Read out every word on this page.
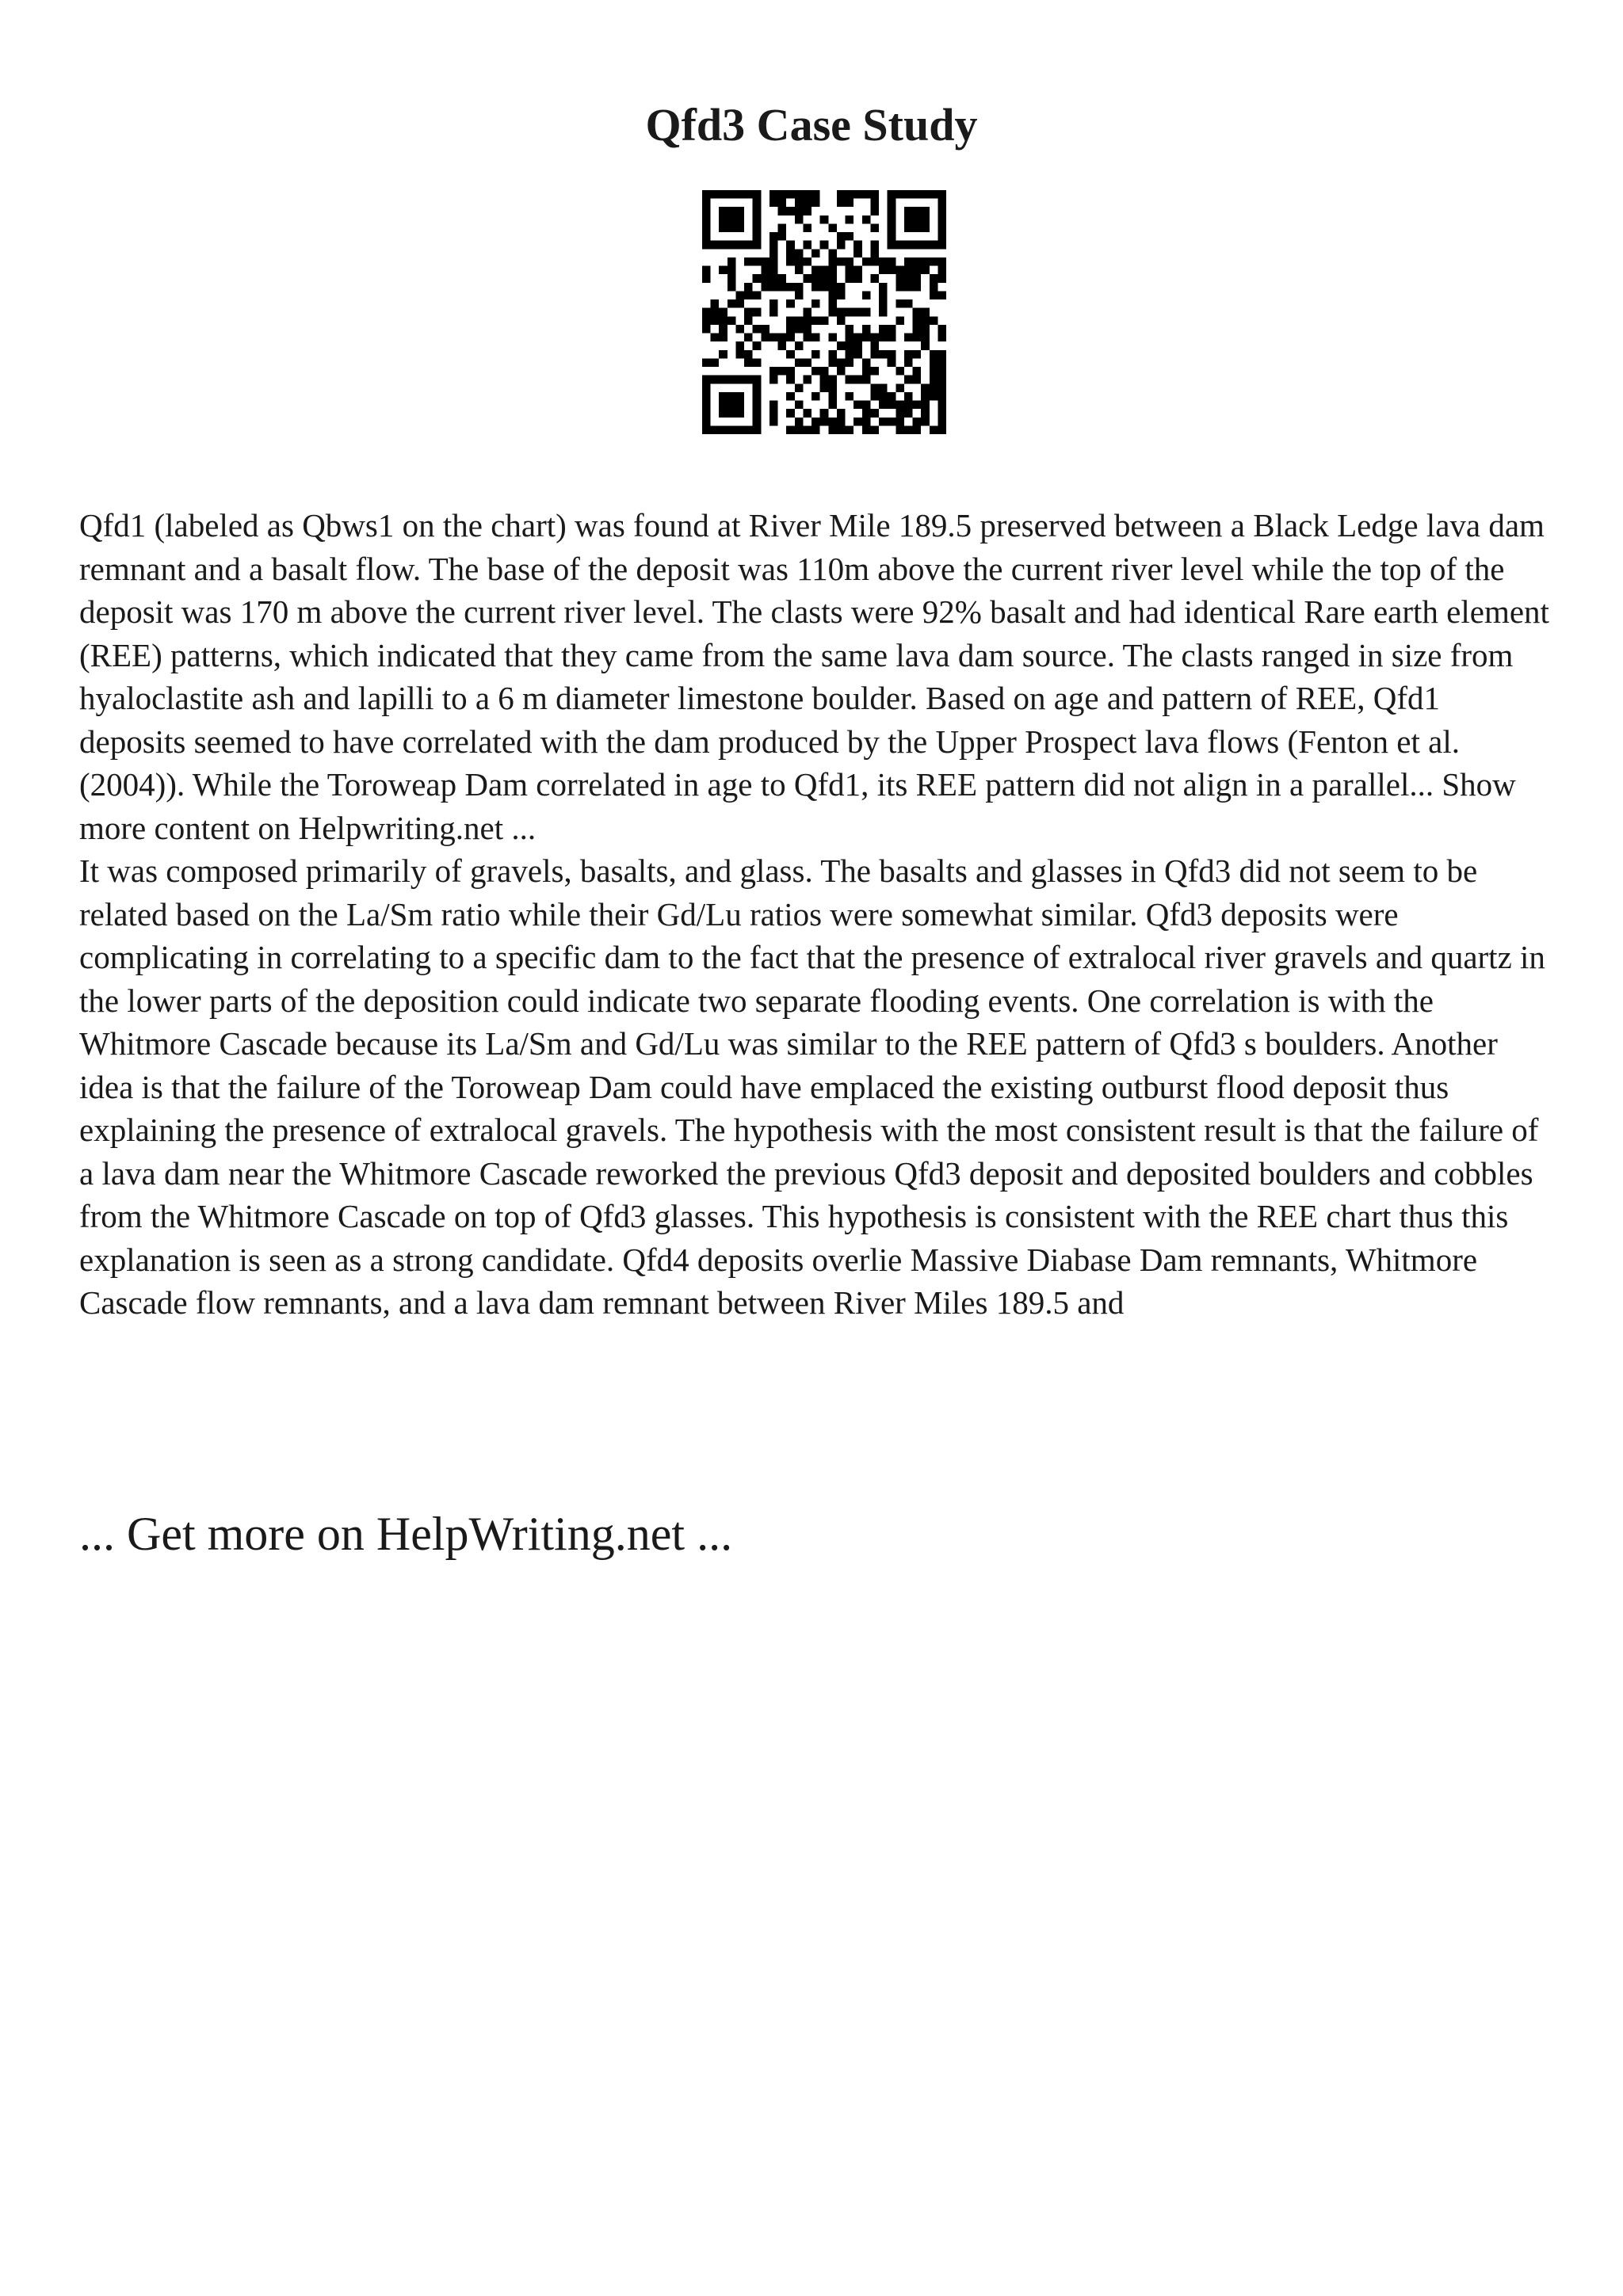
Qfd3 Case Study

Qfd1 (labeled as Qbws1 on the chart) was found at River Mile 189.5 preserved between a Black Ledge lava dam remnant and a basalt flow. The base of the deposit was 110m above the current river level while the top of the deposit was 170 m above the current river level. The clasts were 92% basalt and had identical Rare earth element (REE) patterns, which indicated that they came from the same lava dam source. The clasts ranged in size from hyaloclastite ash and lapilli to a 6 m diameter limestone boulder. Based on age and pattern of REE, Qfd1 deposits seemed to have correlated with the dam produced by the Upper Prospect lava flows (Fenton et al. (2004)). While the Toroweap Dam correlated in age to Qfd1, its REE pattern did not align in a parallel... Show more content on Helpwriting.net ...

It was composed primarily of gravels, basalts, and glass. The basalts and glasses in Qfd3 did not seem to be related based on the La/Sm ratio while their Gd/Lu ratios were somewhat similar. Qfd3 deposits were complicating in correlating to a specific dam to the fact that the presence of extralocal river gravels and quartz in the lower parts of the deposition could indicate two separate flooding events. One correlation is with the Whitmore Cascade because its La/Sm and Gd/Lu was similar to the REE pattern of Qfd3 s boulders. Another idea is that the failure of the Toroweap Dam could have emplaced the existing outburst flood deposit thus explaining the presence of extralocal gravels. The hypothesis with the most consistent result is that the failure of a lava dam near the Whitmore Cascade reworked the previous Qfd3 deposit and deposited boulders and cobbles from the Whitmore Cascade on top of Qfd3 glasses. This hypothesis is consistent with the REE chart thus this explanation is seen as a strong candidate. Qfd4 deposits overlie Massive Diabase Dam remnants, Whitmore Cascade flow remnants, and a lava dam remnant between River Miles 189.5 and

... Get more on HelpWriting.net ...
